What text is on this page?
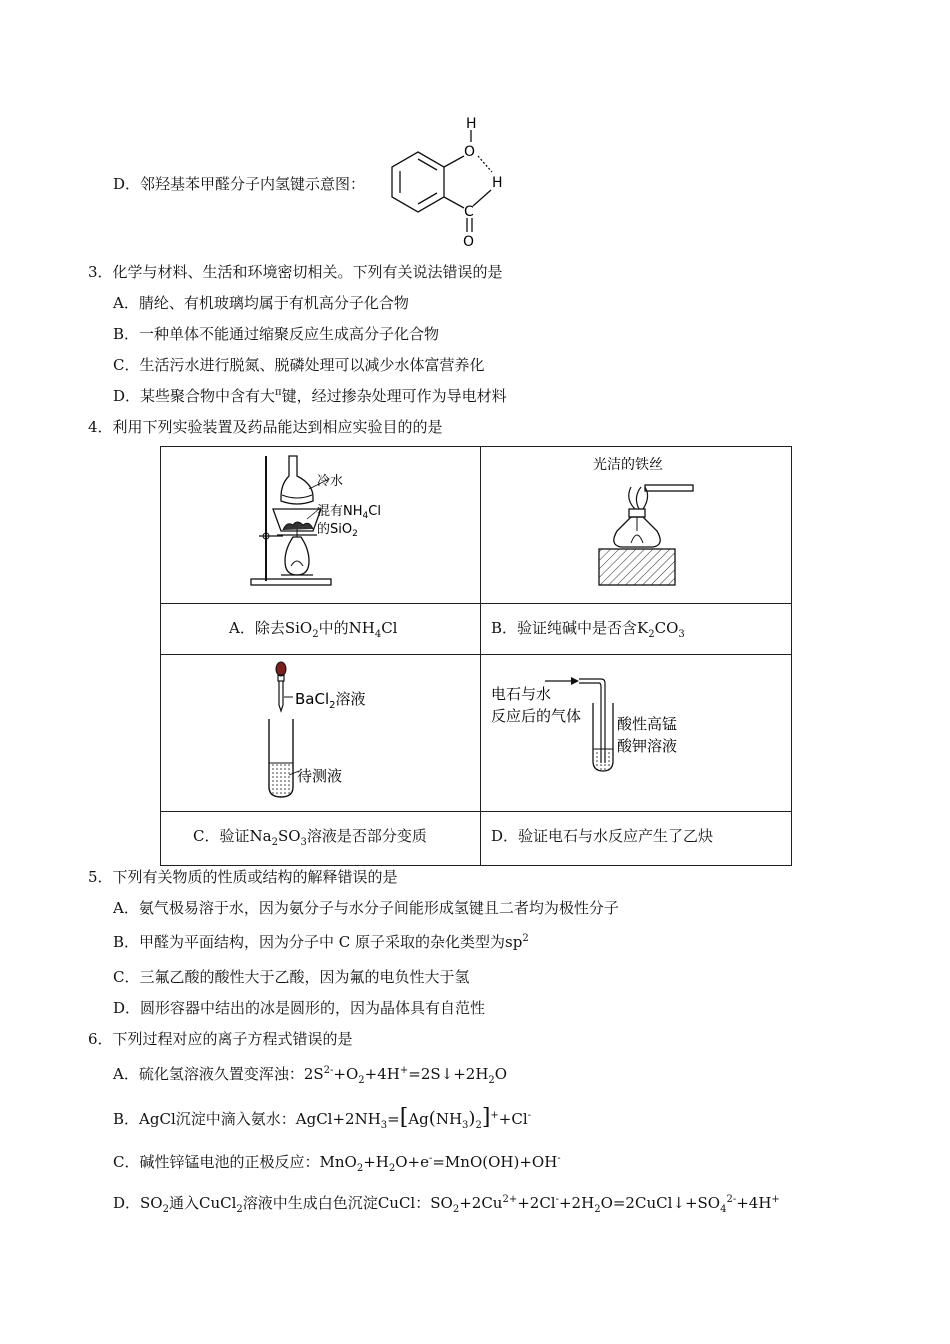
D．邻羟基苯甲醛分子内氢键示意图：
H
O
H
C
O
3．化学与材料、生活和环境密切相关。下列有关说法错误的是
A．腈纶、有机玻璃均属于有机高分子化合物
B．一种单体不能通过缩聚反应生成高分子化合物
C．生活污水进行脱氮、脱磷处理可以减少水体富营养化
D．某些聚合物中含有大$^\pi$键，经过掺杂处理可作为导电材料
4．利用下列实验装置及药品能达到相应实验目的的是
冷水
混有$NH_4Cl$
的SiO$_2$
光洁的铁丝
A．除去SiO$_2$中的$NH_4Cl$	B．验证纯碱中是否含$K_2CO_3$
BaCl$_2$溶液
待测液
电石与水
反应后的气体 酸性高锰
酸钾溶液
C．验证$Na_2SO_3$溶液是否部分变质	D．验证电石与水反应产生了乙炔
5．下列有关物质的性质或结构的解释错误的是
A．氨气极易溶于水，因为氨分子与水分子间能形成氢键且二者均为极性分子
B．甲醛为平面结构，因为分子中 C 原子采取的杂化类型为$sp^2$
C．三氟乙酸的酸性大于乙酸，因为氟的电负性大于氢
D．圆形容器中结出的冰是圆形的，因为晶体具有自范性
6．下列过程对应的离子方程式错误的是
A．硫化氢溶液久置变浑浊：$2S^{2-}+O_2+4H^+=2S↓+2H_2O$
B．AgCl沉淀中滴入氨水：$AgCl+2NH_3=[Ag(NH_3)_2]^++Cl^-$
C．碱性锌锰电池的正极反应：$MnO_2+H_2O+e^-=MnO(OH)+OH^-$
D．$SO_2$通入CuCl$_2$溶液中生成白色沉淀CuCl：$SO_2+2Cu^{2+}+2Cl^-+2H_2O=2CuCl↓+SO_4^{2-}+4H^+$
